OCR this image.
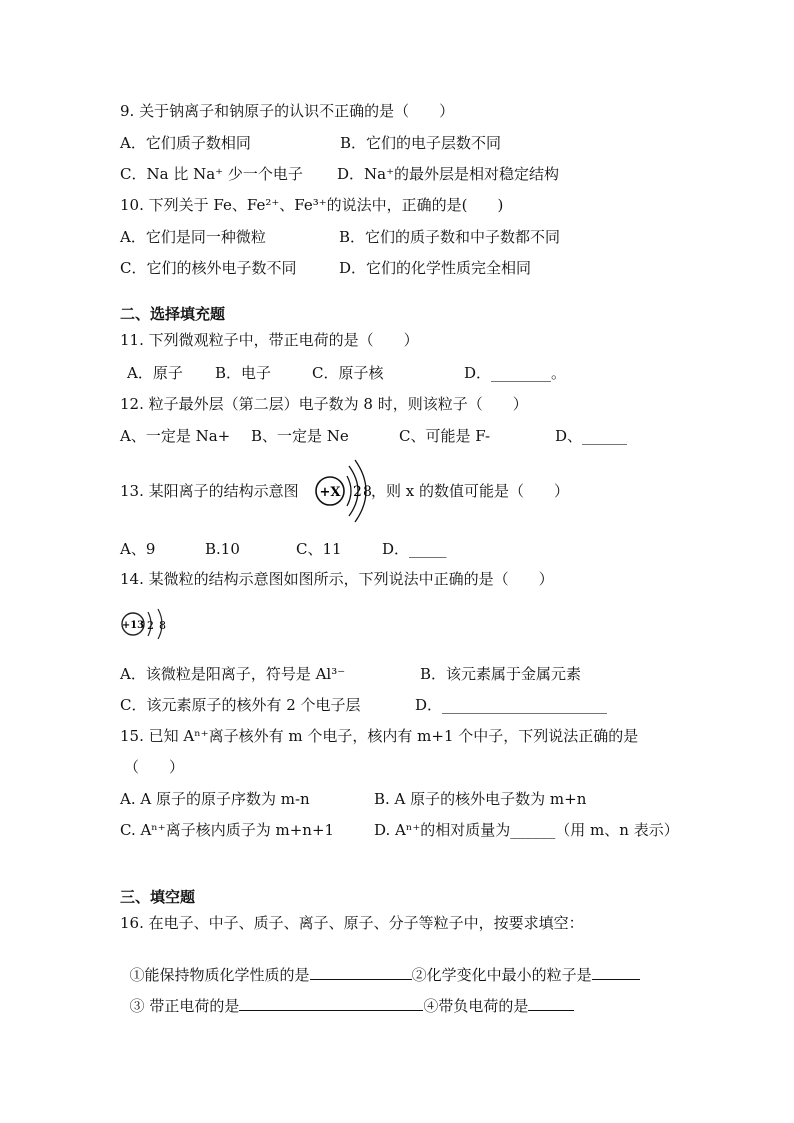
9. 关于钠离子和钠原子的认识不正确的是（　　）
A．它们质子数相同	B．它们的电子层数不同
C．Na 比 Na⁺ 少一个电子 D．Na⁺的最外层是相对稳定结构
10. 下列关于 Fe、Fe²⁺、Fe³⁺的说法中，正确的是(　　)
A．它们是同一种微粒	B．它们的质子数和中子数都不同
C．它们的核外电子数不同	D．它们的化学性质完全相同
二、选择填充题
11. 下列微观粒子中，带正电荷的是（　　）
A．原子 B．电子	C．原子核	D．________。
12. 粒子最外层（第二层）电子数为 8 时，则该粒子（　　）
A、一定是 Na+ B、一定是 Ne	C、可能是 F-	D、______
13. 某阳离子的结构示意图 +X 2 8 ，则 x 的数值可能是（　　）
A、9	B.10	C、11	D．_____
14. 某微粒的结构示意图如图所示，下列说法中正确的是（　　）
+13 2 8
A．该微粒是阳离子，符号是 Al³⁻	B．该元素属于金属元素
C．该元素原子的核外有 2 个电子层	D．______________________
15. 已知 Aⁿ⁺离子核外有 m 个电子，核内有 m+1 个中子，下列说法正确的是
（　　）
A. A 原子的原子序数为 m-n	B. A 原子的核外电子数为 m+n
C. Aⁿ⁺离子核内质子为 m+n+1	D. Aⁿ⁺的相对质量为______（用 m、n 表示）
三、填空题
16. 在电子、中子、质子、离子、原子、分子等粒子中，按要求填空：

①能保持物质化学性质的是	②化学变化中最小的粒子是

③ 带正电荷的是	④带负电荷的是
